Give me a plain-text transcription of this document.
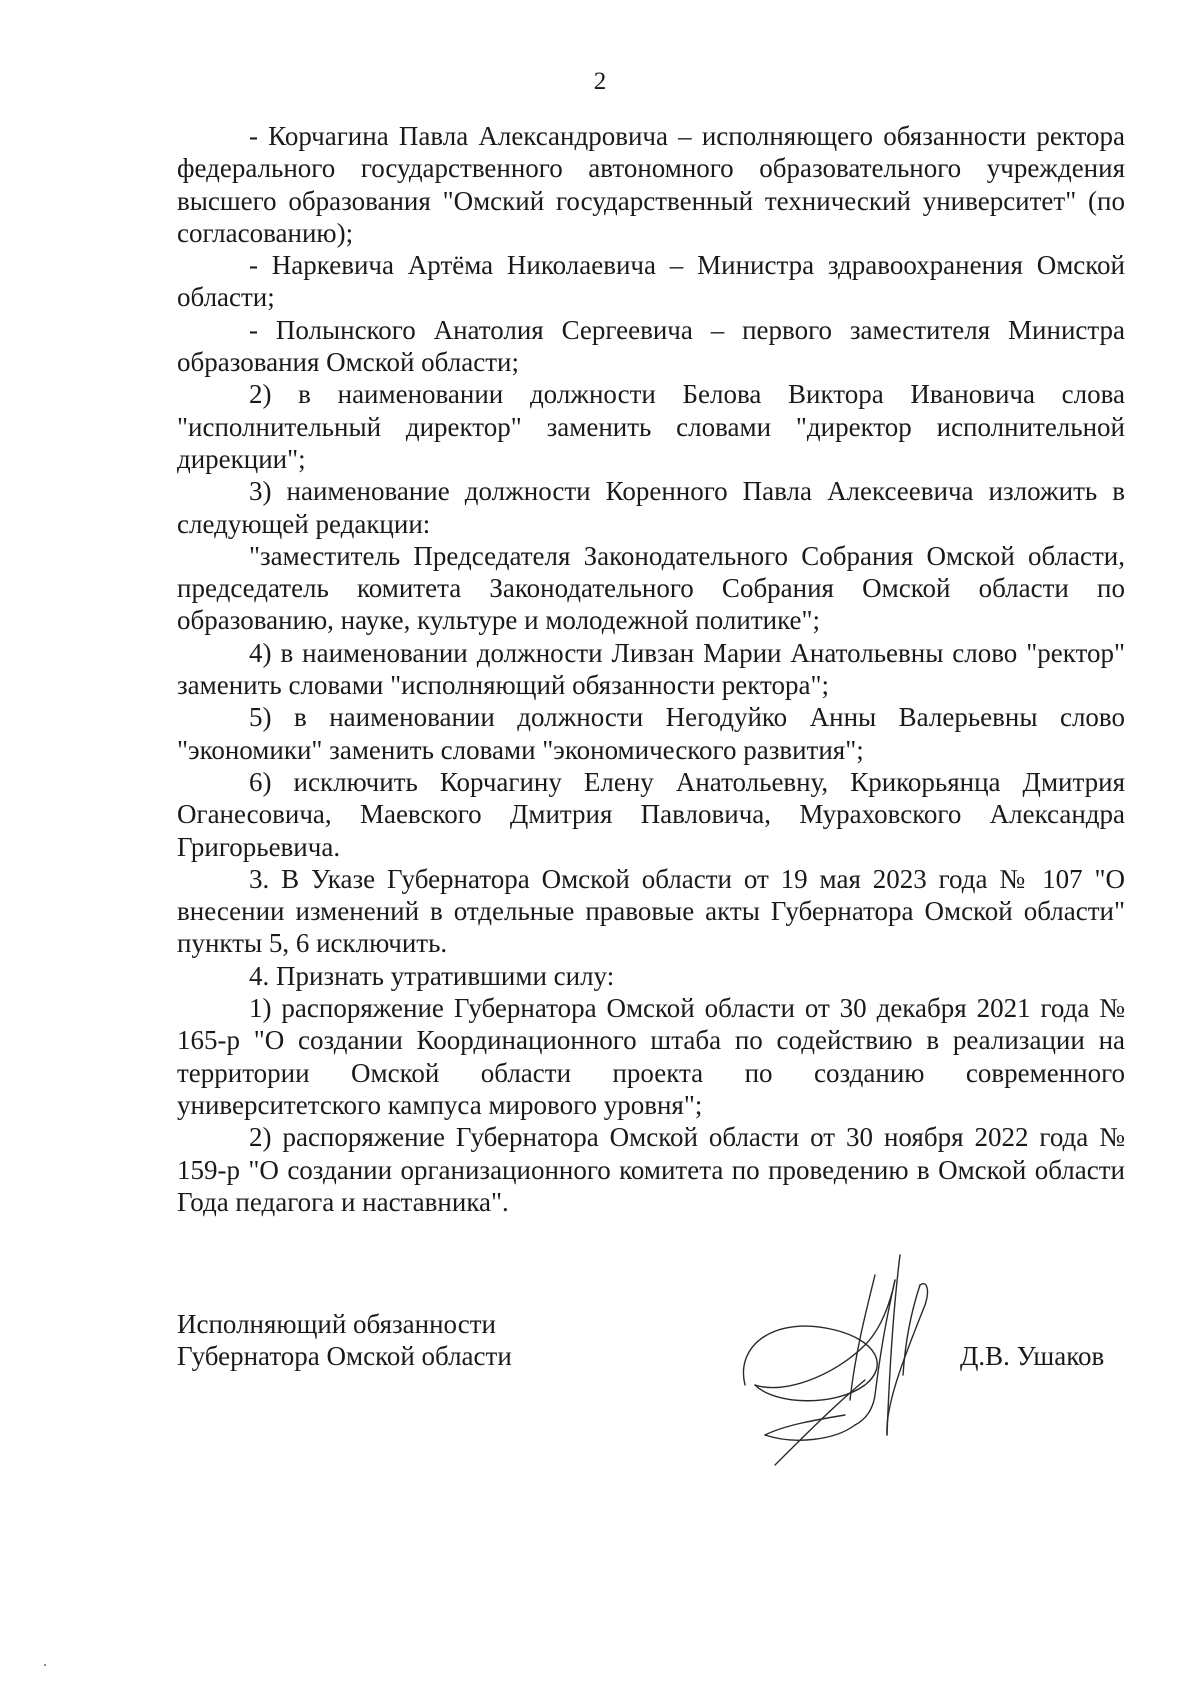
2

- Корчагина Павла Александровича – исполняющего обязанности ректора федерального государственного автономного образовательного учреждения высшего образования "Омский государственный технический университет" (по согласованию);

- Наркевича Артёма Николаевича – Министра здравоохранения Омской области;

- Полынского Анатолия Сергеевича – первого заместителя Министра образования Омской области;

2) в наименовании должности Белова Виктора Ивановича слова "исполнительный директор" заменить словами "директор исполнительной дирекции";

3) наименование должности Коренного Павла Алексеевича изложить в следующей редакции:

"заместитель Председателя Законодательного Собрания Омской области, председатель комитета Законодательного Собрания Омской области по образованию, науке, культуре и молодежной политике";

4) в наименовании должности Ливзан Марии Анатольевны слово "ректор" заменить словами "исполняющий обязанности ректора";

5) в наименовании должности Негодуйко Анны Валерьевны слово "экономики" заменить словами "экономического развития";

6) исключить Корчагину Елену Анатольевну, Крикорьянца Дмитрия Оганесовича, Маевского Дмитрия Павловича, Мураховского Александра Григорьевича.

3. В Указе Губернатора Омской области от 19 мая 2023 года № 107 "О внесении изменений в отдельные правовые акты Губернатора Омской области" пункты 5, 6 исключить.

4. Признать утратившими силу:

1) распоряжение Губернатора Омской области от 30 декабря 2021 года № 165-р "О создании Координационного штаба по содействию в реализации на территории Омской области проекта по созданию современного университетского кампуса мирового уровня";

2) распоряжение Губернатора Омской области от 30 ноября 2022 года № 159-р "О создании организационного комитета по проведению в Омской области Года педагога и наставника".

Исполняющий обязанности
Губернатора Омской области	Д.В. Ушаков
